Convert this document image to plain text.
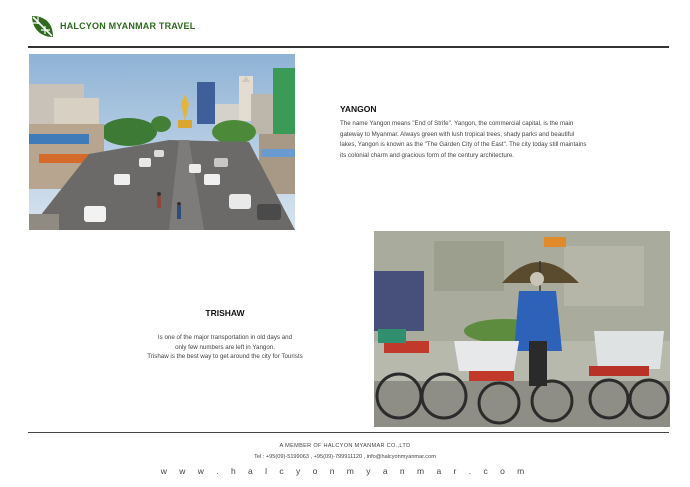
HALCYON MYANMAR TRAVEL
YANGON

The name Yangon means "End of Strife". Yangon, the commercial capital, is the main gateway to Myanmar. Always green with lush tropical trees, shady parks and beautiful lakes, Yangon is known as the "The Garden City of the East". The city today still maintains its colonial charm and gracious form of the century architecture.

TRISHAW
Is one of the major transportation in old days and
only few numbers are left in Yangon.
Trishaw is the best way to get around the city for Tourists
A MEMBER OF HALCYON MYANMAR CO.,LTD
Tel : +95(09)-5199063 , +95(09)-799911120 , info@halcyonmyanmar.com
w w w . h a l c y o n m y a n m a r . c o m
